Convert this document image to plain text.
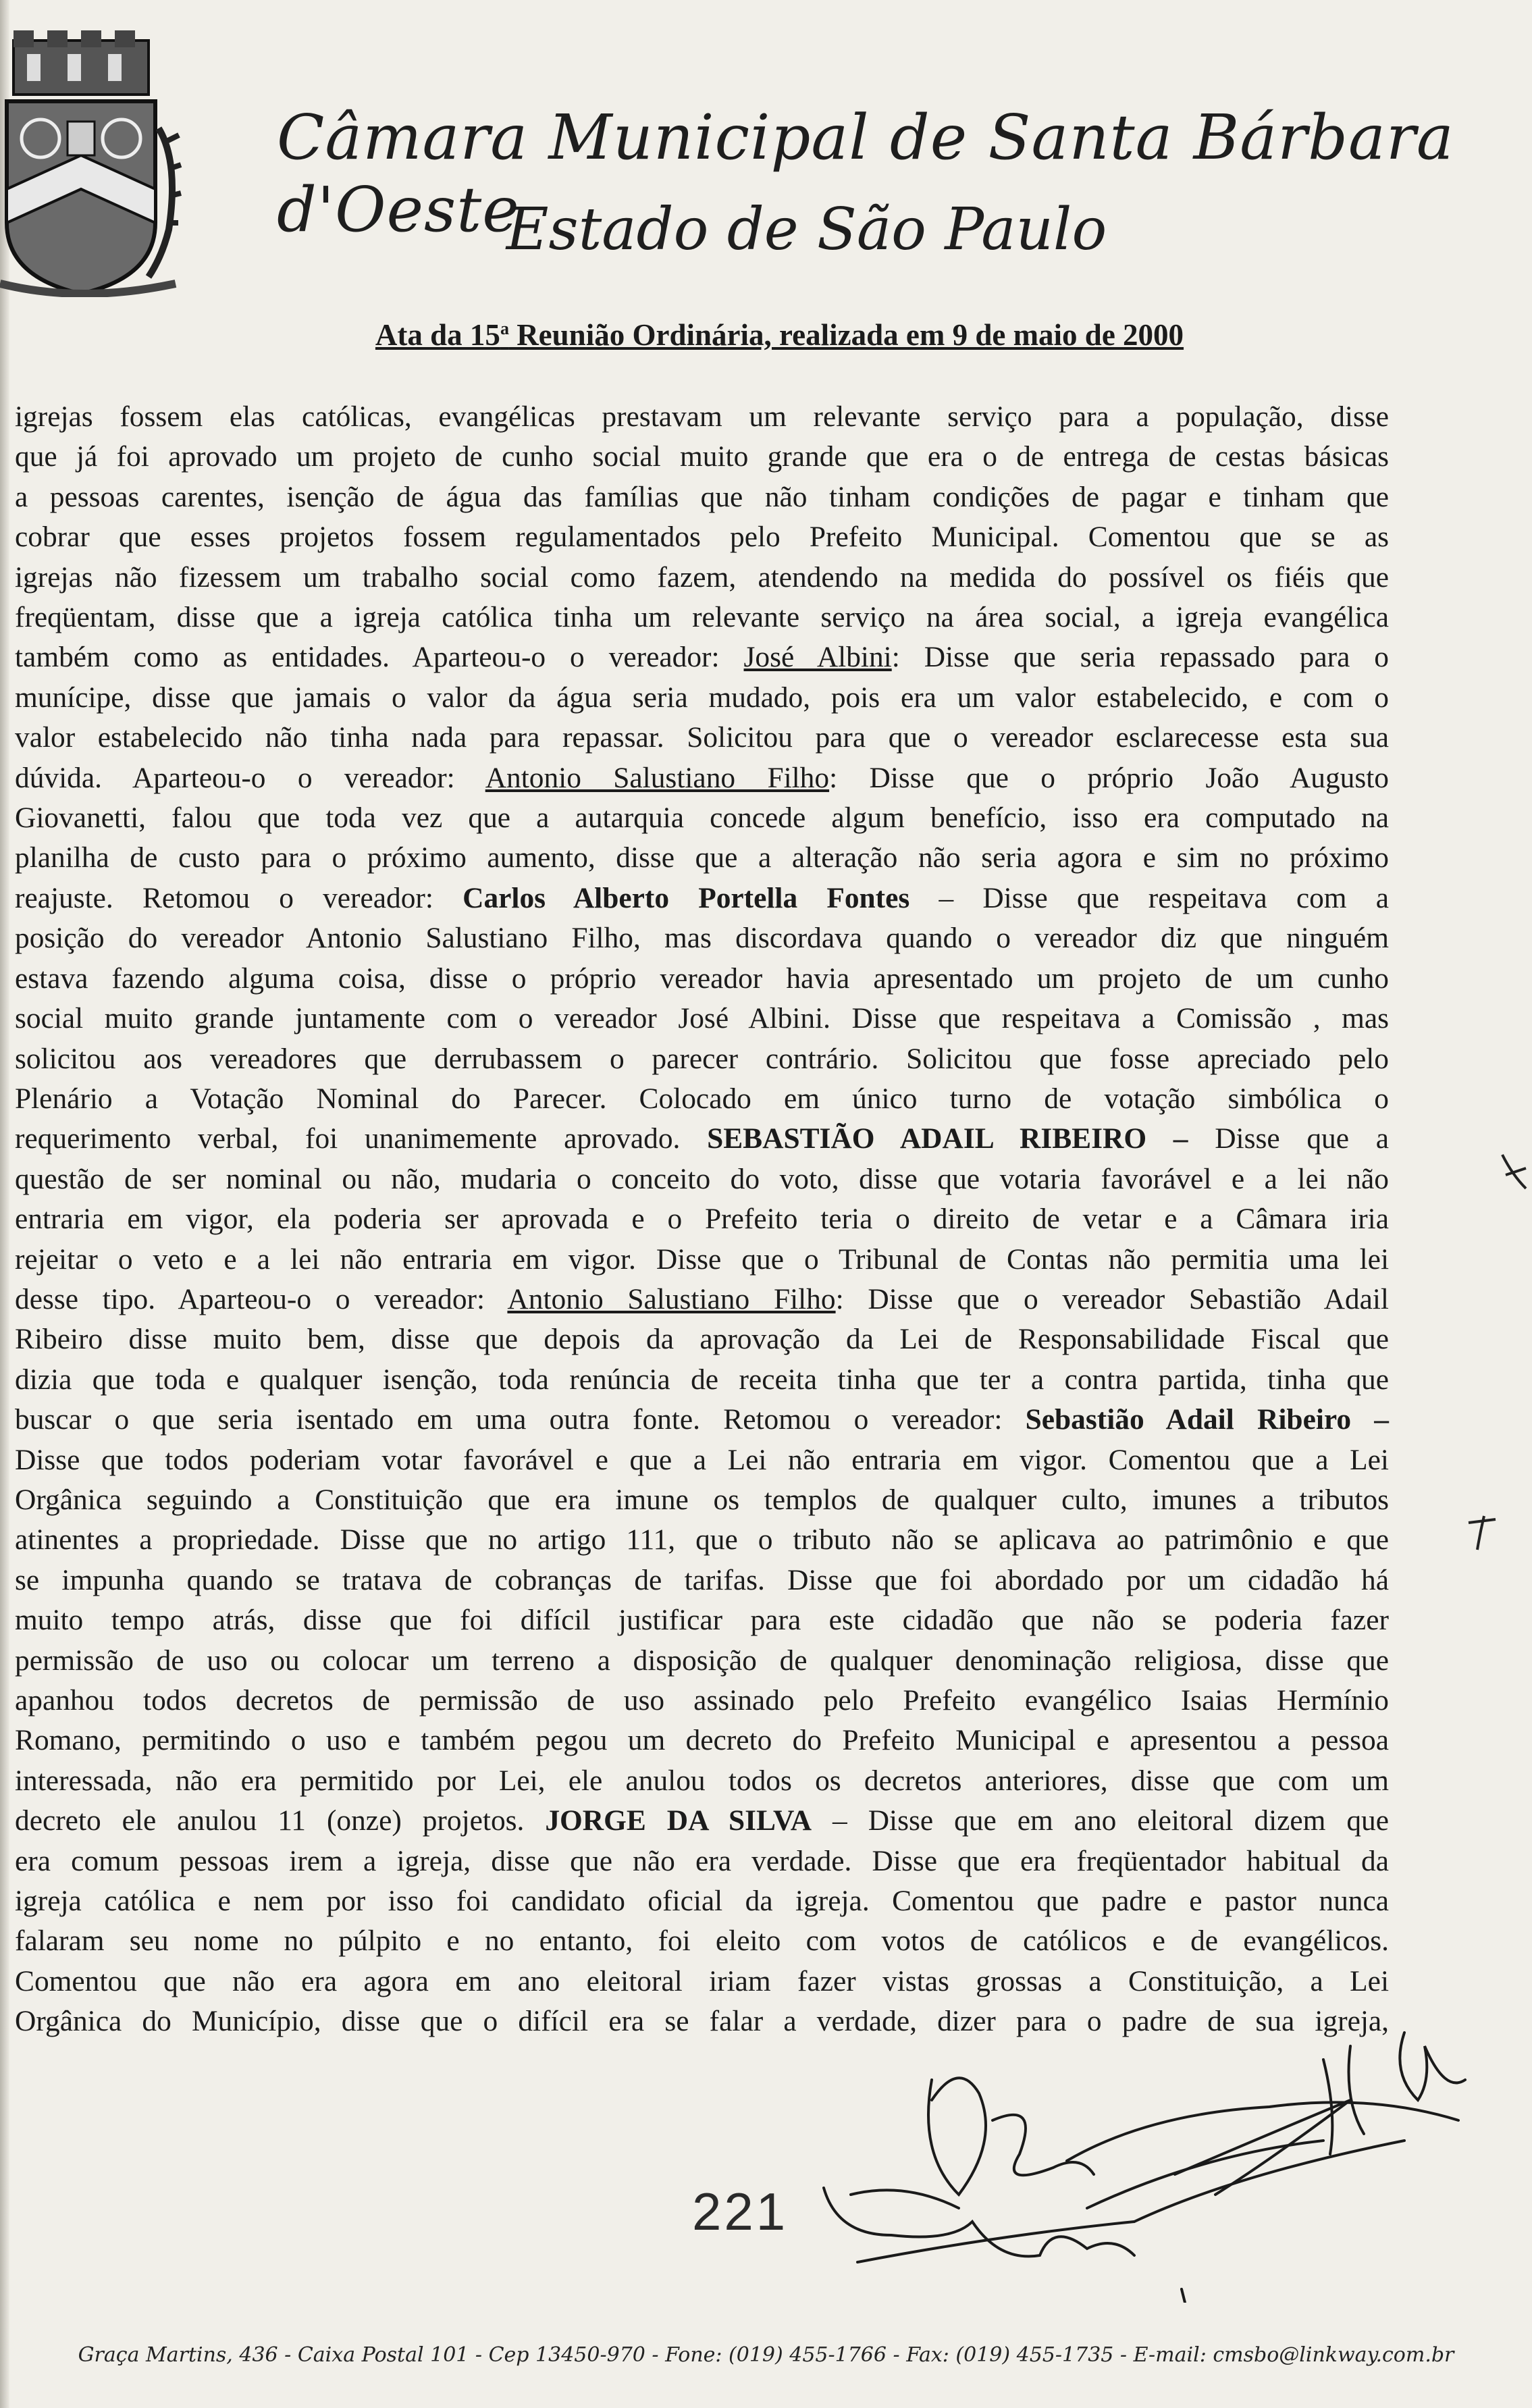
Câmara Municipal de Santa Bárbara d'Oeste
Estado de São Paulo
Ata da 15$^a$ Reunião Ordinária, realizada em 9 de maio de 2000
igrejas fossem elas católicas, evangélicas prestavam um relevante serviço para a população, disse
que já foi aprovado um projeto de cunho social muito grande que era o de entrega de cestas básicas
a pessoas carentes, isenção de água das famílias que não tinham condições de pagar e tinham que
cobrar que esses projetos fossem regulamentados pelo Prefeito Municipal. Comentou que se as
igrejas não fizessem um trabalho social como fazem, atendendo na medida do possível os fiéis que
freqüentam, disse que a igreja católica tinha um relevante serviço na área social, a igreja evangélica
também como as entidades. Aparteou-o o vereador: José Albini: Disse que seria repassado para o
munícipe, disse que jamais o valor da água seria mudado, pois era um valor estabelecido, e com o
valor estabelecido não tinha nada para repassar. Solicitou para que o vereador esclarecesse esta sua
dúvida. Aparteou-o o vereador: Antonio Salustiano Filho: Disse que o próprio João Augusto
Giovanetti, falou que toda vez que a autarquia concede algum benefício, isso era computado na
planilha de custo para o próximo aumento, disse que a alteração não seria agora e sim no próximo
reajuste. Retomou o vereador: Carlos Alberto Portella Fontes – Disse que respeitava com a
posição do vereador Antonio Salustiano Filho, mas discordava quando o vereador diz que ninguém
estava fazendo alguma coisa, disse o próprio vereador havia apresentado um projeto de um cunho
social muito grande juntamente com o vereador José Albini. Disse que respeitava a Comissão , mas
solicitou aos vereadores que derrubassem o parecer contrário. Solicitou que fosse apreciado pelo
Plenário a Votação Nominal do Parecer. Colocado em único turno de votação simbólica o
requerimento verbal, foi unanimemente aprovado. SEBASTIÃO ADAIL RIBEIRO – Disse que a
questão de ser nominal ou não, mudaria o conceito do voto, disse que votaria favorável e a lei não
entraria em vigor, ela poderia ser aprovada e o Prefeito teria o direito de vetar e a Câmara iria
rejeitar o veto e a lei não entraria em vigor. Disse que o Tribunal de Contas não permitia uma lei
desse tipo. Aparteou-o o vereador: Antonio Salustiano Filho: Disse que o vereador Sebastião Adail
Ribeiro disse muito bem, disse que depois da aprovação da Lei de Responsabilidade Fiscal que
dizia que toda e qualquer isenção, toda renúncia de receita tinha que ter a contra partida, tinha que
buscar o que seria isentado em uma outra fonte. Retomou o vereador: Sebastião Adail Ribeiro –
Disse que todos poderiam votar favorável e que a Lei não entraria em vigor. Comentou que a Lei
Orgânica seguindo a Constituição que era imune os templos de qualquer culto, imunes a tributos
atinentes a propriedade. Disse que no artigo 111, que o tributo não se aplicava ao patrimônio e que
se impunha quando se tratava de cobranças de tarifas. Disse que foi abordado por um cidadão há
muito tempo atrás, disse que foi difícil justificar para este cidadão que não se poderia fazer
permissão de uso ou colocar um terreno a disposição de qualquer denominação religiosa, disse que
apanhou todos decretos de permissão de uso assinado pelo Prefeito evangélico Isaias Hermínio
Romano, permitindo o uso e também pegou um decreto do Prefeito Municipal e apresentou a pessoa
interessada, não era permitido por Lei, ele anulou todos os decretos anteriores, disse que com um
decreto ele anulou 11 (onze) projetos. JORGE DA SILVA – Disse que em ano eleitoral dizem que
era comum pessoas irem a igreja, disse que não era verdade. Disse que era freqüentador habitual da
igreja católica e nem por isso foi candidato oficial da igreja. Comentou que padre e pastor nunca
falaram seu nome no púlpito e no entanto, foi eleito com votos de católicos e de evangélicos.
Comentou que não era agora em ano eleitoral iriam fazer vistas grossas a Constituição, a Lei
Orgânica do Município, disse que o difícil era se falar a verdade, dizer para o padre de sua igreja,
221
Graça Martins, 436 - Caixa Postal 101 - Cep 13450-970 - Fone: (019) 455-1766 - Fax: (019) 455-1735 - E-mail: cmsbo@linkway.com.br
